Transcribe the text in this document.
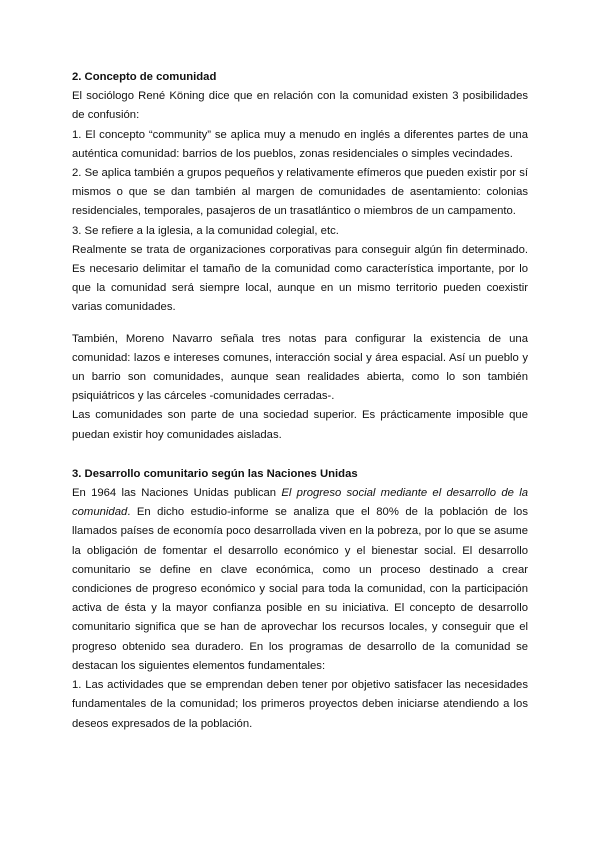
2. Concepto de comunidad

El sociólogo René Köning dice que en relación con la comunidad existen 3 posibilidades de confusión:

1. El concepto “community” se aplica muy a menudo en inglés a diferentes partes de una auténtica comunidad: barrios de los pueblos, zonas residenciales o simples vecindades.

2. Se aplica también a grupos pequeños y relativamente efímeros que pueden existir por sí mismos o que se dan también al margen de comunidades de asentamiento: colonias residenciales, temporales, pasajeros de un trasatlántico o miembros de un campamento.

3. Se refiere a la iglesia, a la comunidad colegial, etc.

Realmente se trata de organizaciones corporativas para conseguir algún fin determinado. Es necesario delimitar el tamaño de la comunidad como característica importante, por lo que la comunidad será siempre local, aunque en un mismo territorio pueden coexistir varias comunidades.

También, Moreno Navarro señala tres notas para configurar la existencia de una comunidad: lazos e intereses comunes, interacción social y área espacial. Así un pueblo y un barrio son comunidades, aunque sean realidades abierta, como lo son también psiquiátricos y las cárceles -comunidades cerradas-.

Las comunidades son parte de una sociedad superior. Es prácticamente imposible que puedan existir hoy comunidades aisladas.

3. Desarrollo comunitario según las Naciones Unidas

En 1964 las Naciones Unidas publican El progreso social mediante el desarrollo de la comunidad. En dicho estudio-informe se analiza que el 80% de la población de los llamados países de economía poco desarrollada viven en la pobreza, por lo que se asume la obligación de fomentar el desarrollo económico y el bienestar social. El desarrollo comunitario se define en clave económica, como un proceso destinado a crear condiciones de progreso económico y social para toda la comunidad, con la participación activa de ésta y la mayor confianza posible en su iniciativa. El concepto de desarrollo comunitario significa que se han de aprovechar los recursos locales, y conseguir que el progreso obtenido sea duradero. En los programas de desarrollo de la comunidad se destacan los siguientes elementos fundamentales:

1. Las actividades que se emprendan deben tener por objetivo satisfacer las necesidades fundamentales de la comunidad; los primeros proyectos deben iniciarse atendiendo a los deseos expresados de la población.
